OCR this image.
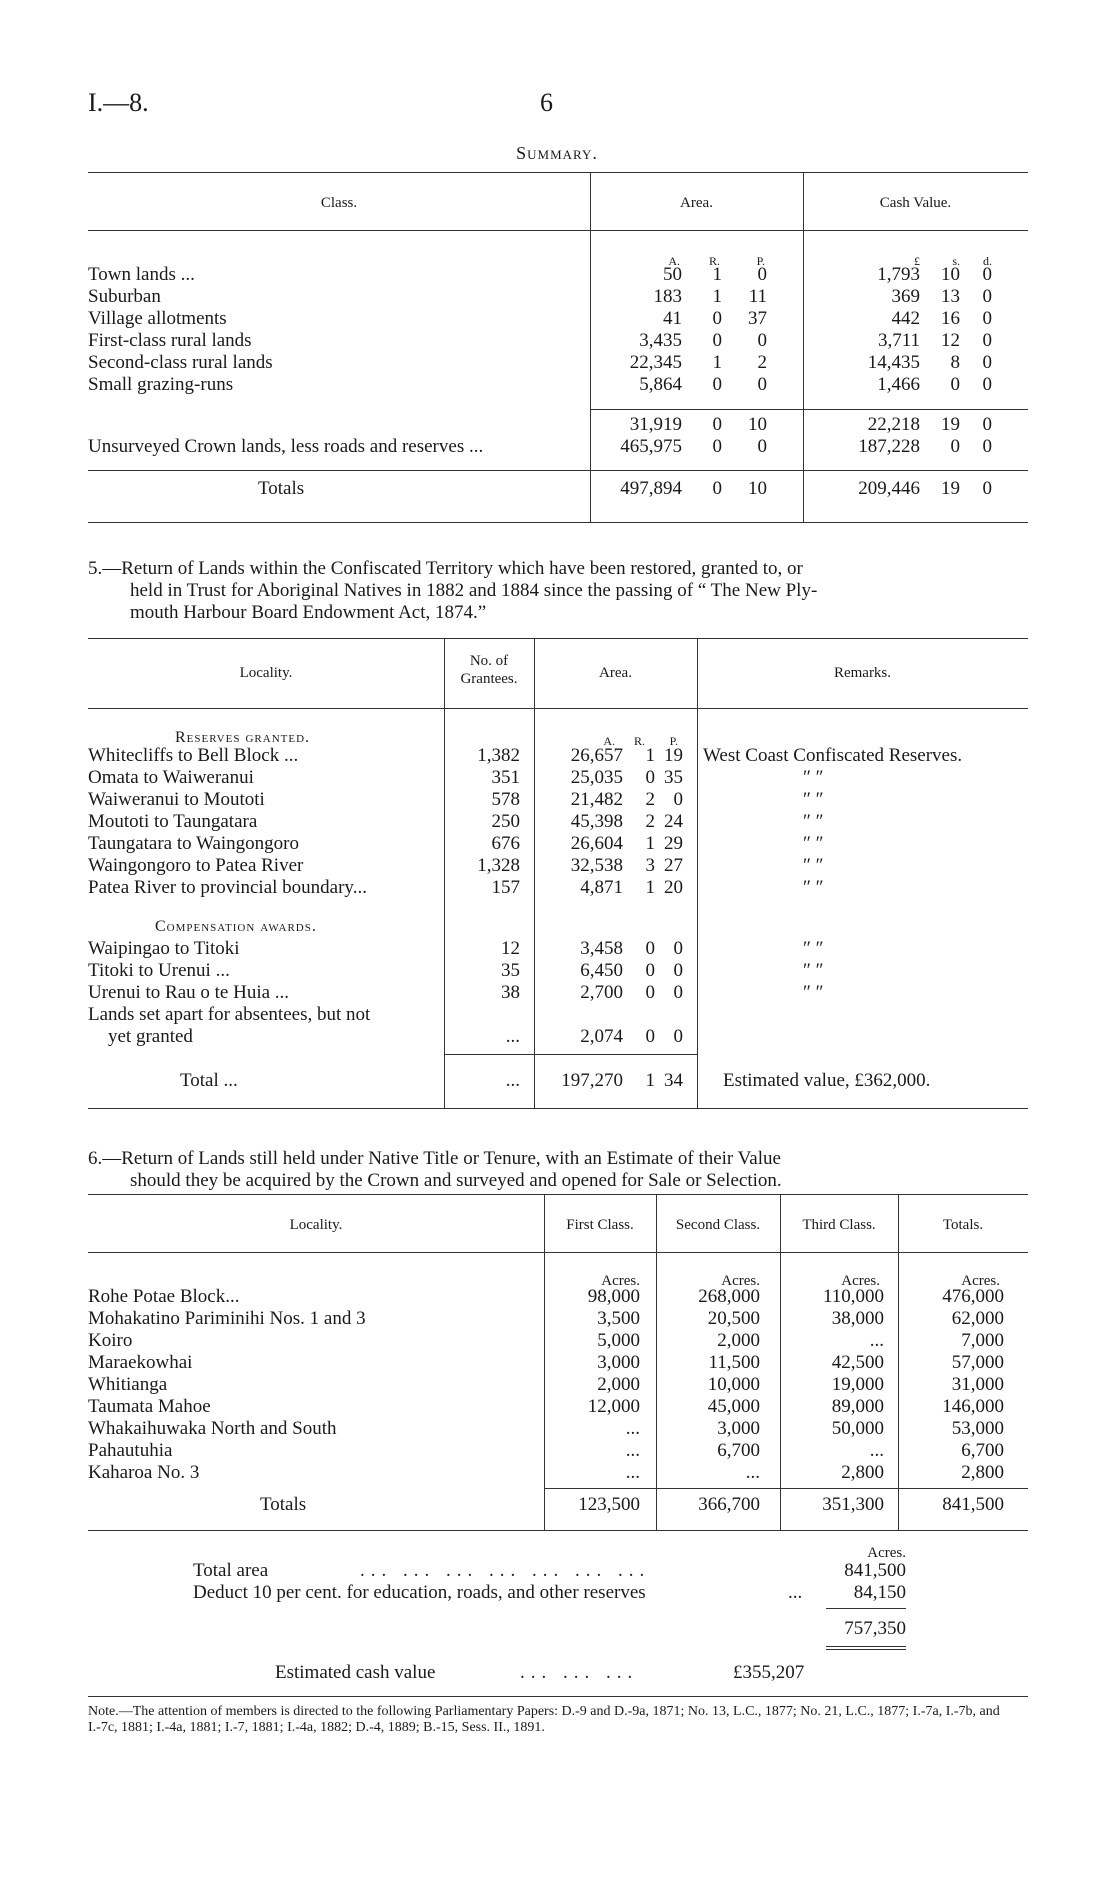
I.—8.	6
Summary.
Class.	Area.	Cash Value.
A.	R.	P.	£	s.	d.
Town lands ...	50	1	0	1,793	10	0
Suburban	183	1	11	369	13	0
Village allotments	41	0	37	442	16	0
First-class rural lands	3,435	0	0	3,711	12	0
Second-class rural lands	22,345	1	2	14,435	8	0
Small grazing-runs	5,864	0	0	1,466	0	0
	31,919	0	10	22,218	19	0
Unsurveyed Crown lands, less roads and reserves ...	465,975	0	0	187,228	0	0
Totals	497,894	0	10	209,446	19	0
5.—Return of Lands within the Confiscated Territory which have been restored, granted to, or
held in Trust for Aboriginal Natives in 1882 and 1884 since the passing of “ The New Ply-
mouth Harbour Board Endowment Act, 1874.”
Locality.
No. of
Grantees.	Area.	Remarks.
Reserves granted.	A.	R.	P.
Whitecliffs to Bell Block ...	1,382	26,657	1	19	West Coast Confiscated Reserves.
Omata to Waiweranui	351	25,035	0	35	″ ″
Waiweranui to Moutoti	578	21,482	2	0	″ ″
Moutoti to Taungatara	250	45,398	2	24	″ ″
Taungatara to Waingongoro	676	26,604	1	29	″ ″
Waingongoro to Patea River	1,328	32,538	3	27	″ ″
Patea River to provincial boundary...	157	4,871	1	20	″ ″
Compensation awards.
Waipingao to Titoki	12	3,458	0	0	″ ″
Titoki to Urenui ...	35	6,450	0	0	″ ″
Urenui to Rau o te Huia ...	38	2,700	0	0	″ ″
Lands set apart for absentees, but not
yet granted	...	2,074	0	0
Total ...	...	197,270	1	34	Estimated value, £362,000.
6.—Return of Lands still held under Native Title or Tenure, with an Estimate of their Value
should they be acquired by the Crown and surveyed and opened for Sale or Selection.
Locality.	First Class.	Second Class.	Third Class.	Totals.
Acres.	Acres.	Acres.	Acres.
Rohe Potae Block...	98,000	268,000	110,000	476,000
Mohakatino Pariminihi Nos. 1 and 3	3,500	20,500	38,000	62,000
Koiro	5,000	2,000	...	7,000
Maraekowhai	3,000	11,500	42,500	57,000
Whitianga	2,000	10,000	19,000	31,000
Taumata Mahoe	12,000	45,000	89,000	146,000
Whakaihuwaka North and South	...	3,000	50,000	53,000
Pahautuhia	...	6,700	...	6,700
Kaharoa No. 3	...	...	2,800	2,800
Totals	123,500	366,700	351,300	841,500
Acres.
Total area	... ... ... ... ... ... ...	841,500
Deduct 10 per cent. for education, roads, and other reserves	...	84,150
757,350
Estimated cash value	... ... ...	£355,207
Note.—The attention of members is directed to the following Parliamentary Papers: D.-9 and D.-9a, 1871; No. 13, L.C., 1877; No. 21, L.C., 1877; I.-7a, I.-7b, and I.-7c, 1881; I.-4a, 1881; I.-7, 1881; I.-4a, 1882; D.-4, 1889; B.-15, Sess. II., 1891.
